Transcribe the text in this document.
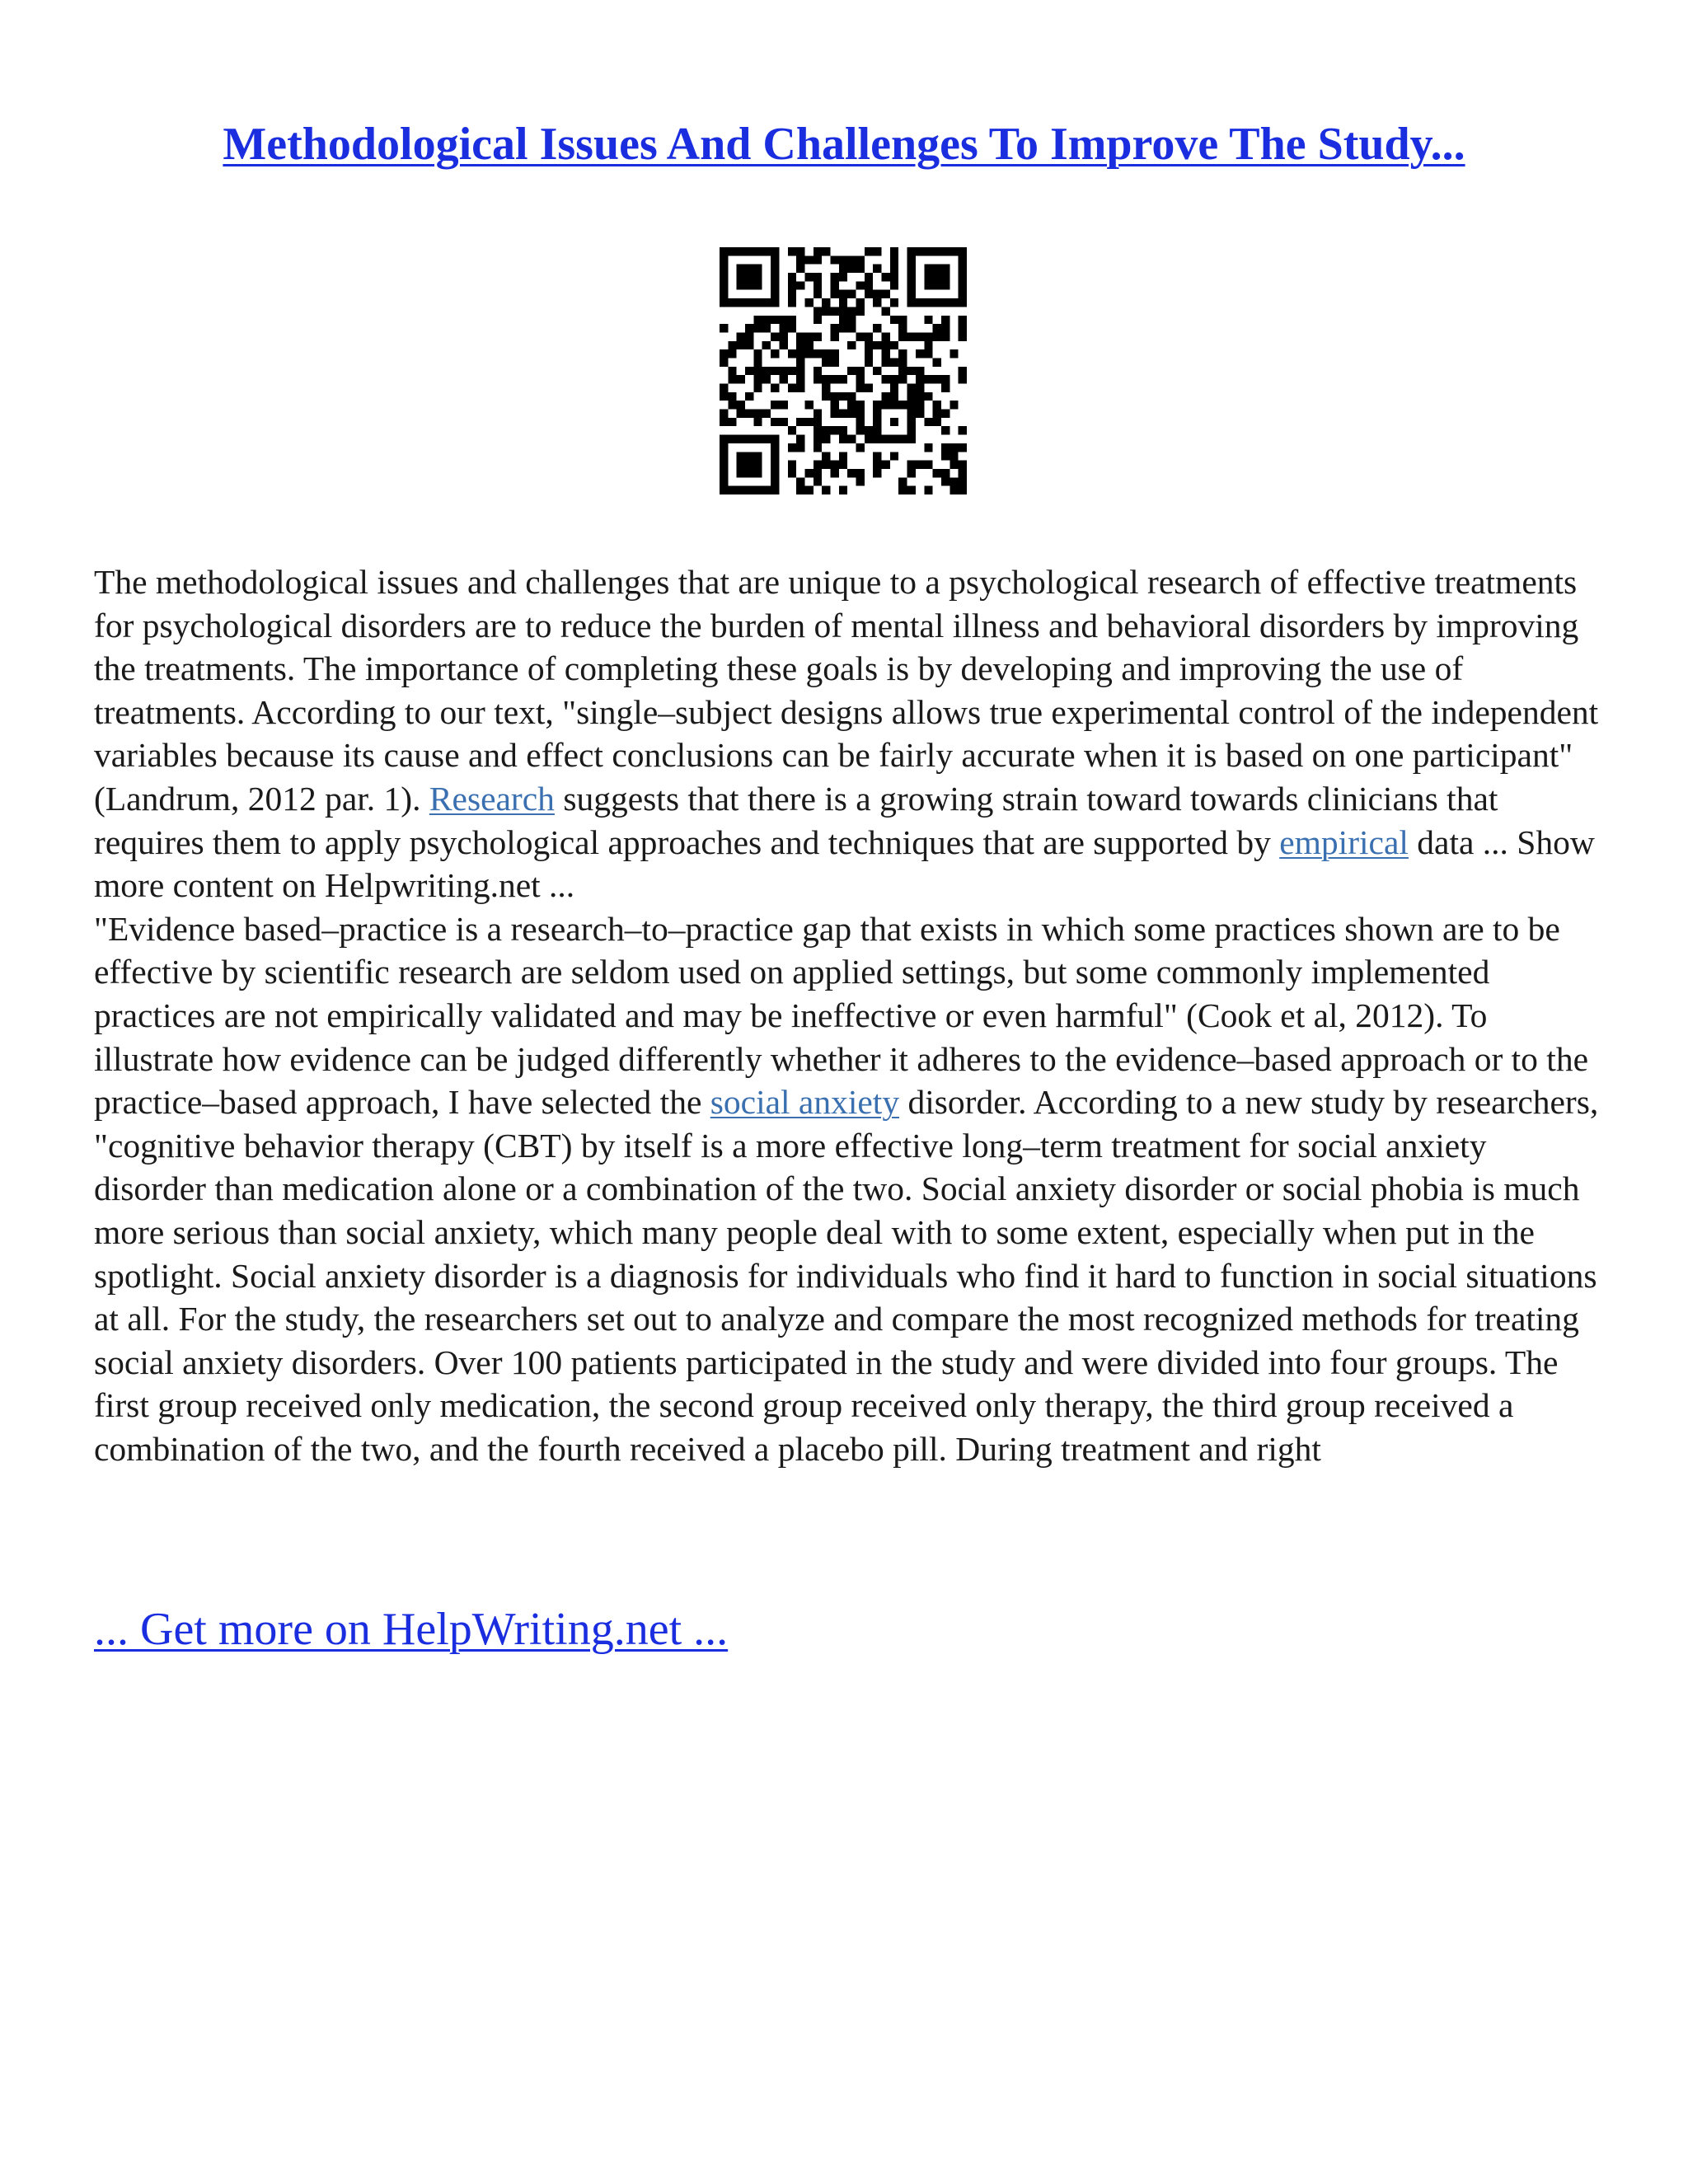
Methodological Issues And Challenges To Improve The Study...

The methodological issues and challenges that are unique to a psychological research of effective treatments for psychological disorders are to reduce the burden of mental illness and behavioral disorders by improving the treatments. The importance of completing these goals is by developing and improving the use of treatments. According to our text, "single–subject designs allows true experimental control of the independent variables because its cause and effect conclusions can be fairly accurate when it is based on one participant" (Landrum, 2012 par. 1). Research suggests that there is a growing strain toward towards clinicians that requires them to apply psychological approaches and techniques that are supported by empirical data ... Show more content on Helpwriting.net ...

"Evidence based–practice is a research–to–practice gap that exists in which some practices shown are to be effective by scientific research are seldom used on applied settings, but some commonly implemented practices are not empirically validated and may be ineffective or even harmful" (Cook et al, 2012). To illustrate how evidence can be judged differently whether it adheres to the evidence–based approach or to the practice–based approach, I have selected the social anxiety disorder. According to a new study by researchers, "cognitive behavior therapy (CBT) by itself is a more effective long–term treatment for social anxiety disorder than medication alone or a combination of the two. Social anxiety disorder or social phobia is much more serious than social anxiety, which many people deal with to some extent, especially when put in the spotlight. Social anxiety disorder is a diagnosis for individuals who find it hard to function in social situations at all. For the study, the researchers set out to analyze and compare the most recognized methods for treating social anxiety disorders. Over 100 patients participated in the study and were divided into four groups. The first group received only medication, the second group received only therapy, the third group received a combination of the two, and the fourth received a placebo pill. During treatment and right

... Get more on HelpWriting.net ...
